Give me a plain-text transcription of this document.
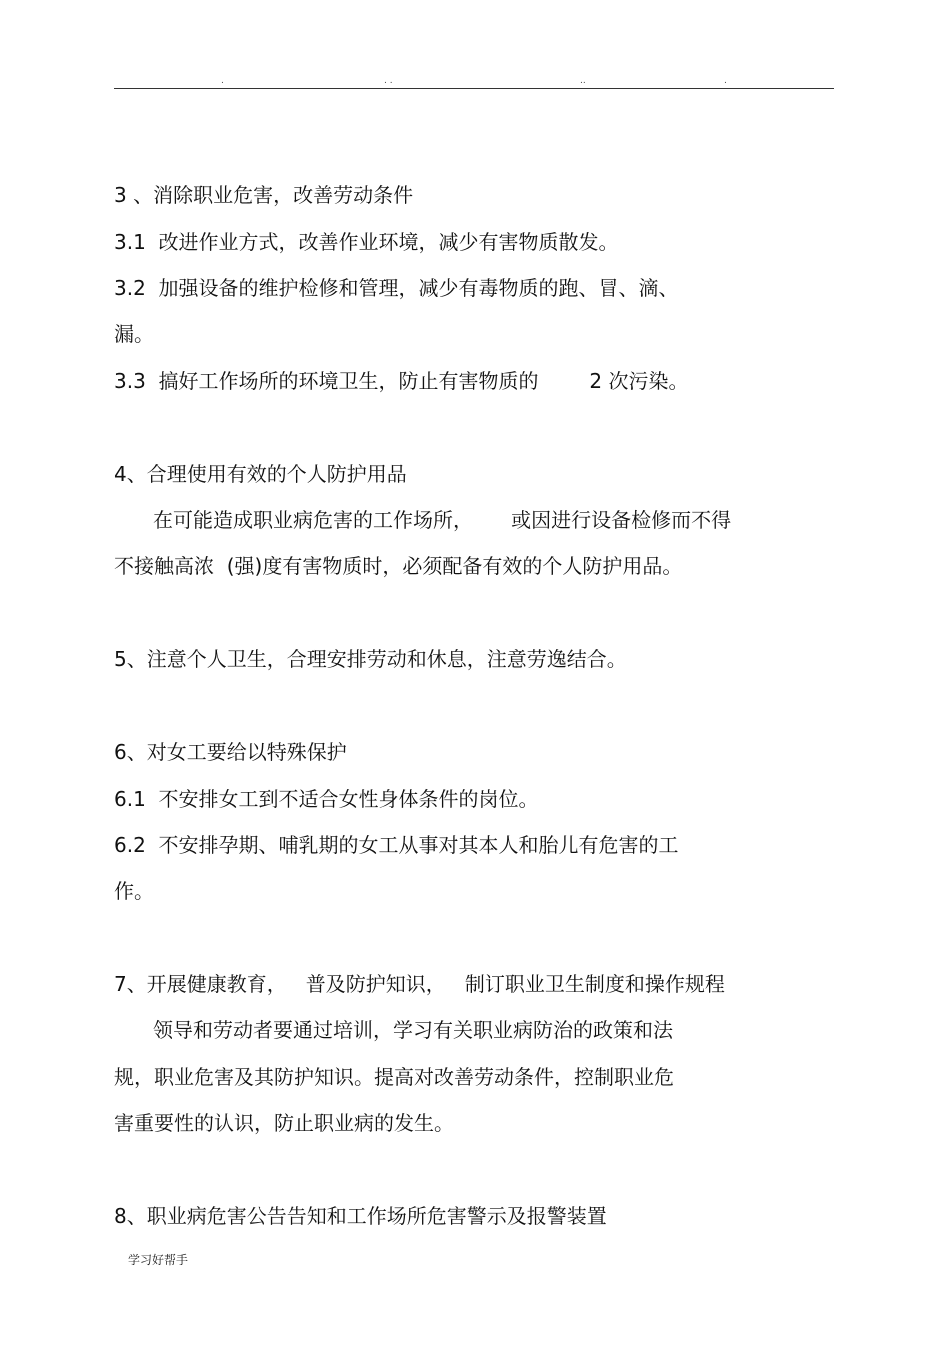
.	. .	..	.
3 、消除职业危害，改善劳动条件
3.1  改进作业方式，改善作业环境，减少有害物质散发。
3.2  加强设备的维护检修和管理，减少有毒物质的跑、冒、滴、
漏。
3.3  搞好工作场所的环境卫生，防止有害物质的        2 次污染。
4、合理使用有效的个人防护用品
在可能造成职业病危害的工作场所，      或因进行设备检修而不得
不接触高浓  (强)度有害物质时，必须配备有效的个人防护用品。
5、注意个人卫生，合理安排劳动和休息，注意劳逸结合。
6、对女工要给以特殊保护
6.1  不安排女工到不适合女性身体条件的岗位。
6.2  不安排孕期、哺乳期的女工从事对其本人和胎儿有危害的工
作。
7、开展健康教育，   普及防护知识，   制订职业卫生制度和操作规程
领导和劳动者要通过培训，学习有关职业病防治的政策和法
规，职业危害及其防护知识。提高对改善劳动条件，控制职业危
害重要性的认识，防止职业病的发生。
8、职业病危害公告告知和工作场所危害警示及报警装置
学习好帮手
